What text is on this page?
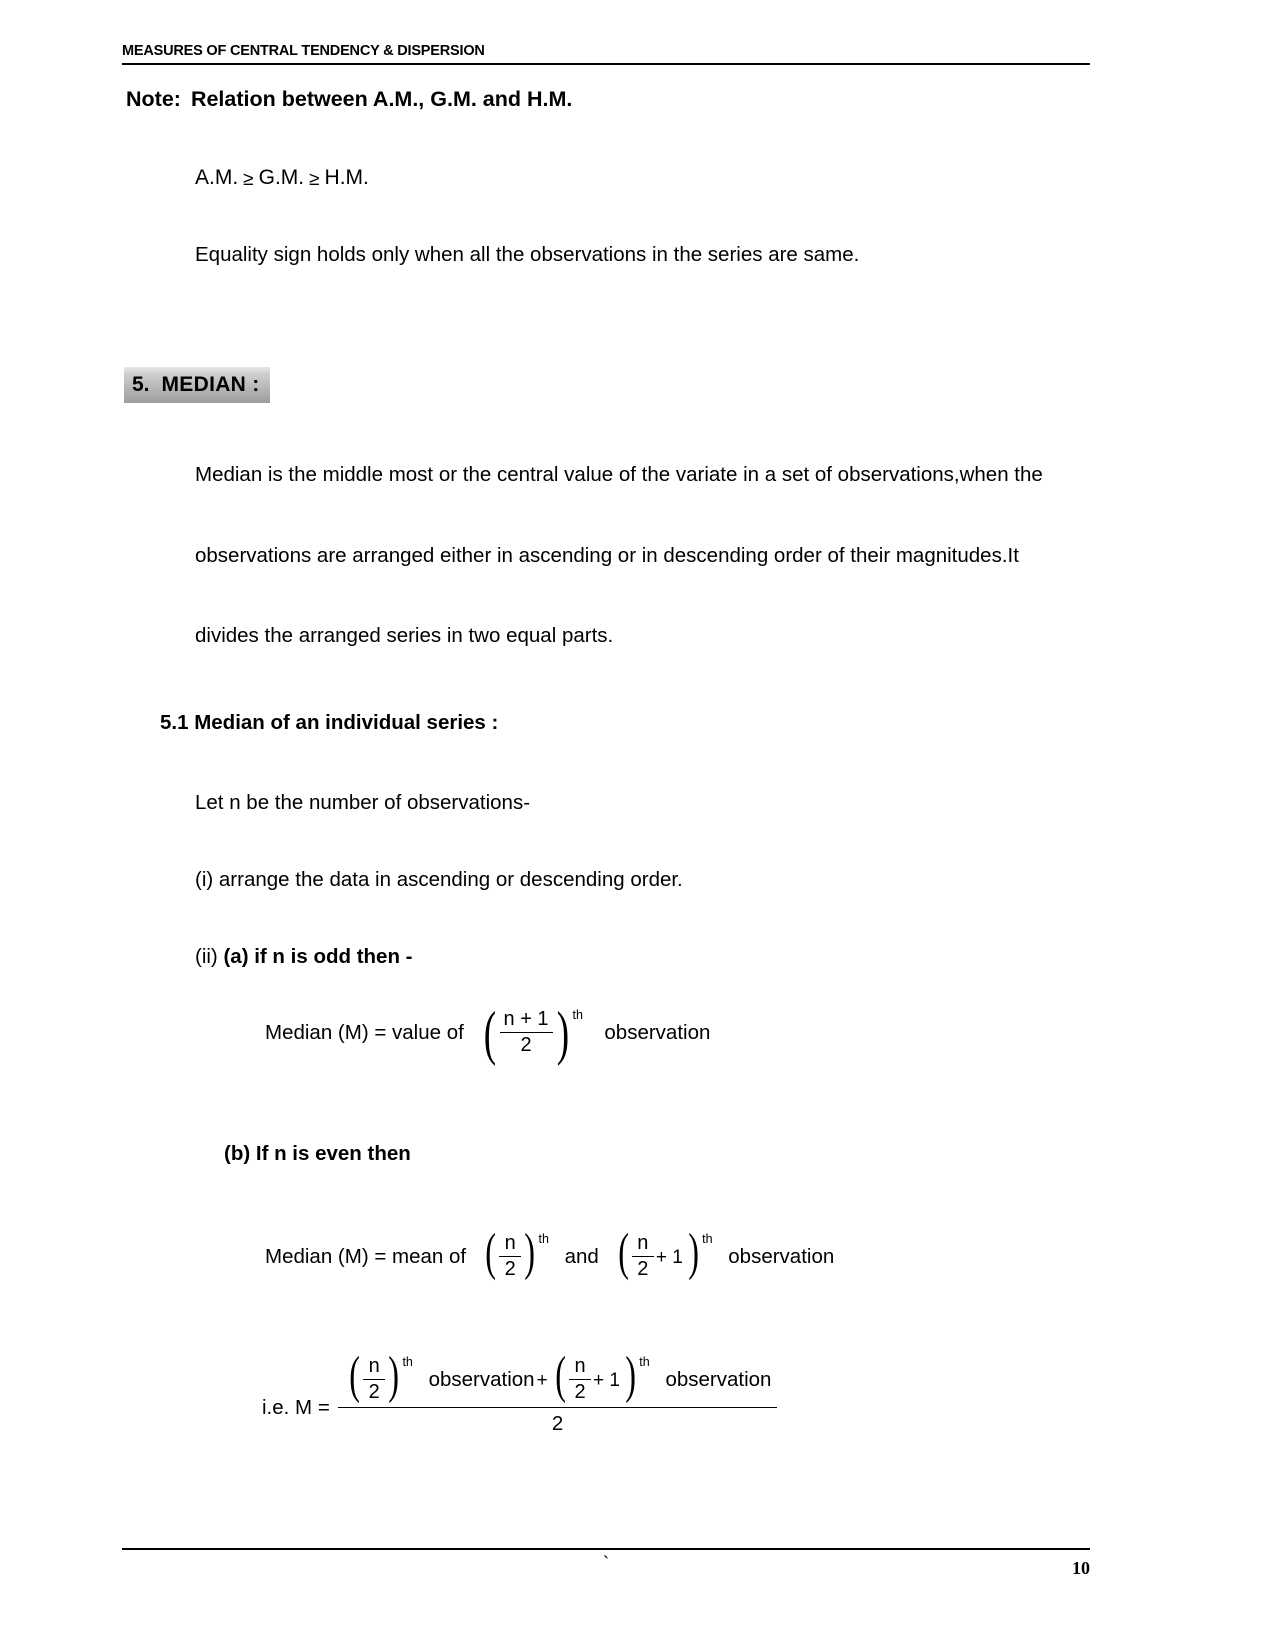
MEASURES OF CENTRAL TENDENCY & DISPERSION

Note: Relation between A.M., G.M. and H.M.

A.M. ≥ G.M. ≥ H.M.

Equality sign holds only when all the observations in the series are same.

5. MEDIAN :

Median is the middle most or the central value of the variate in a set of observations,when the

observations are arranged either in ascending or in descending order of their magnitudes.It

divides the arranged series in two equal parts.

5.1 Median of an individual series :
Let n be the number of observations-
(i) arrange the data in ascending or descending order.
(ii) (a) if n is odd then -
Median (M) = value of
( $\frac{n + 1}{2}$ ) th

observation
(b) If n is even then
Median (M) = mean of
( $\frac{n}{2}$ ) th

and
( $\frac{n}{2} + 1$ ) th

observation
i.e. M =
( $\frac{n}{2}$ ) th

observation + ( $\frac{n}{2} + 1$ ) th

observation
2
`	10
